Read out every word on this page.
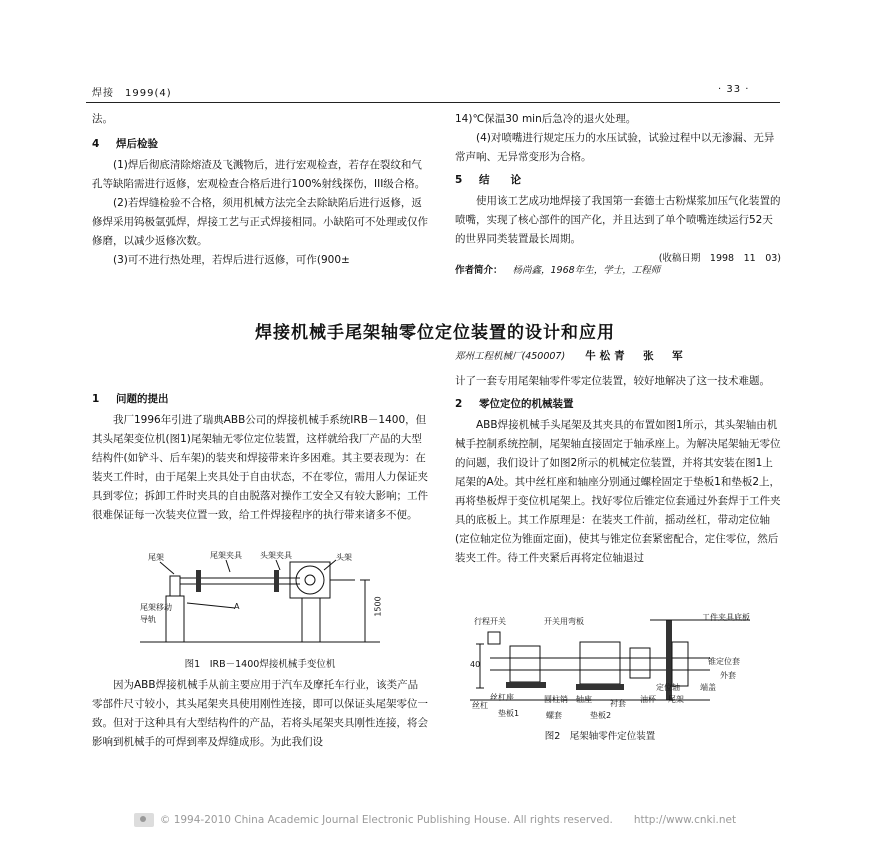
焊接　1999(4)	· 33 ·

法。

4 焊后检验

(1)焊后彻底清除熔渣及飞溅物后，进行宏观检查，若存在裂纹和气孔等缺陷需进行返修，宏观检查合格后进行100%射线探伤，III级合格。

(2)若焊缝检验不合格，须用机械方法完全去除缺陷后进行返修，返修焊采用钨极氩弧焊，焊接工艺与正式焊接相同。小缺陷可不处理或仅作修磨，以减少返修次数。

(3)可不进行热处理，若焊后进行返修，可作(900±

14)℃保温30 min后急冷的退火处理。

(4)对喷嘴进行规定压力的水压试验，试验过程中以无渗漏、无异常声响、无异常变形为合格。

5 结　　论

使用该工艺成功地焊接了我国第一套德士古粉煤浆加压气化装置的喷嘴，实现了核心部件的国产化，并且达到了单个喷嘴连续运行52天的世界同类装置最长周期。

(收稿日期　1998　11　03)
作者简介： 杨尚鑫，1968年生，学士，工程师
焊接机械手尾架轴零位定位装置的设计和应用
郑州工程机械厂(450007) 牛松青　张　军
1 问题的提出

我厂1996年引进了瑞典ABB公司的焊接机械手系统IRB－1400，但其头尾架变位机(图1)尾架轴无零位定位装置，这样就给我厂产品的大型结构件(如铲斗、后车架)的装夹和焊接带来许多困难。其主要表现为：在装夹工件时，由于尾架上夹具处于自由状态，不在零位，需用人力保证夹具到零位；拆卸工件时夹具的自由脱落对操作工安全又有较大影响；工件很难保证每一次装夹位置一致，给工件焊接程序的执行带来诸多不便。

尾架	尾架夹具 头架夹具	头架
A
尾架移动
导轨
1500
图1　IRB－1400焊接机械手变位机

因为ABB焊接机械手从前主要应用于汽车及摩托车行业，该类产品零部件尺寸较小，其头尾架夹具使用刚性连接，即可以保证头尾架零位一致。但对于这种具有大型结构件的产品，若将头尾架夹具刚性连接，将会影响到机械手的可焊到率及焊缝成形。为此我们设

计了一套专用尾架轴零件零定位装置，较好地解决了这一技术难题。

2 零位定位的机械装置

ABB焊接机械手头尾架及其夹具的布置如图1所示，其头架轴由机械手控制系统控制，尾架轴直接固定于轴承座上。为解决尾架轴无零位的问题，我们设计了如图2所示的机械定位装置，并将其安装在图1上尾架的A处。其中丝杠座和轴座分别通过螺栓固定于垫板1和垫板2上，再将垫板焊于变位机尾架上。找好零位后锥定位套通过外套焊于工件夹具的底板上。其工作原理是：在装夹工件前，摇动丝杠，带动定位轴(定位轴定位为锥面定面)，使其与锥定位套紧密配合，定住零位，然后装夹工件。待工件夹紧后再将定位轴退过

行程开关	开关用弯板	工件夹具底板
40	锥定位套
外套
端盖
定位轴
丝杠座
丝杠
垫板1
圆柱销 轴座 衬套 油杯 尾架
螺套	垫板2
图2　尾架轴零件定位装置
© 1994-2010 China Academic Journal Electronic Publishing House. All rights reserved.　　http://www.cnki.net
